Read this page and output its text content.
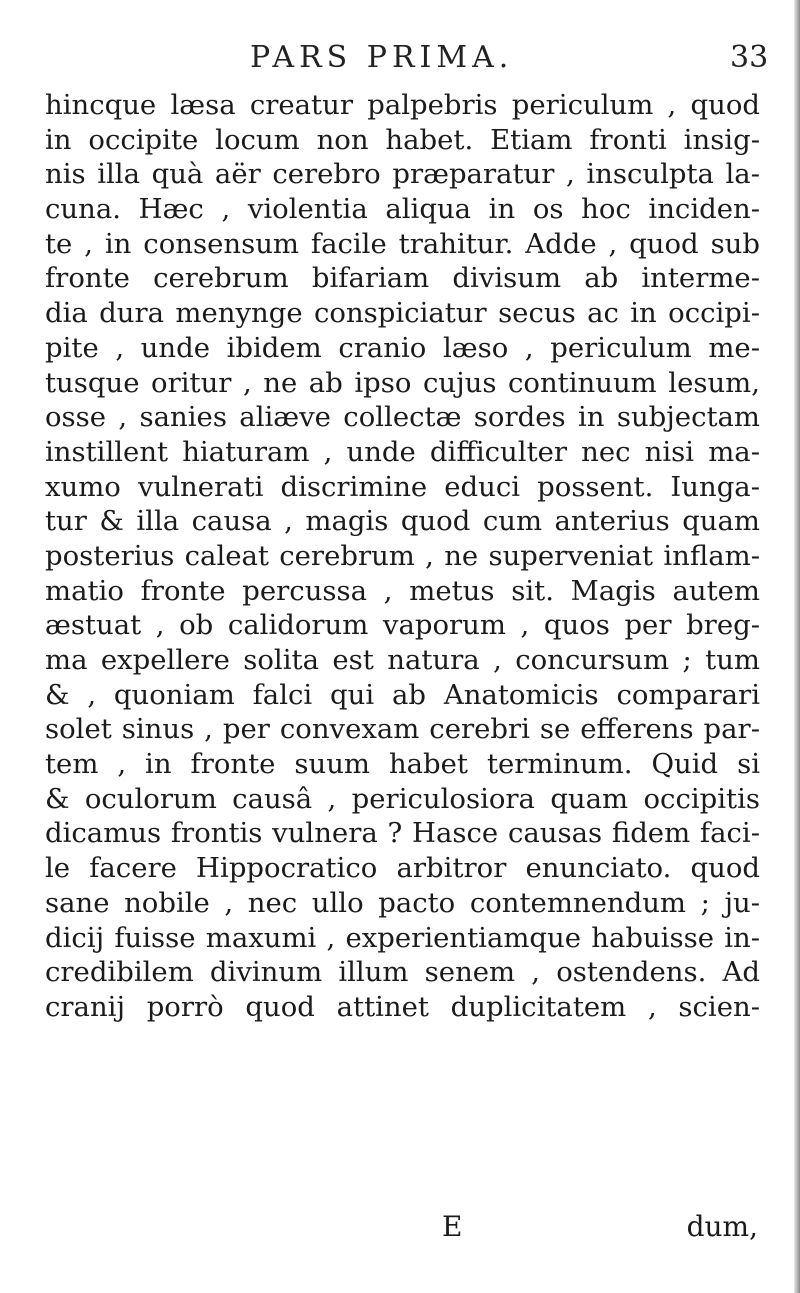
PARS PRIMA.	33
hincque læsa creatur palpebris periculum , quod
in occipite locum non habet. Etiam fronti insig-
nis illa quà aër cerebro præparatur , insculpta la-
cuna. Hæc , violentia aliqua in os hoc inciden-
te , in consensum facile trahitur. Adde , quod sub
fronte cerebrum bifariam divisum ab interme-
dia dura menynge conspiciatur secus ac in occipi-
pite , unde ibidem cranio læso , periculum me-
tusque oritur , ne ab ipso cujus continuum lesum,
osse , sanies aliæve collectæ sordes in subjectam
instillent hiaturam , unde difficulter nec nisi ma-
xumo vulnerati discrimine educi possent. Iunga-
tur & illa causa , magis quod cum anterius quam
posterius caleat cerebrum , ne superveniat inflam-
matio fronte percussa , metus sit. Magis autem
æstuat , ob calidorum vaporum , quos per breg-
ma expellere solita est natura , concursum ; tum
& , quoniam falci qui ab Anatomicis comparari
solet sinus , per convexam cerebri se efferens par-
tem , in fronte suum habet terminum. Quid si
& oculorum causâ , periculosiora quam occipitis
dicamus frontis vulnera ? Hasce causas fidem faci-
le facere Hippocratico arbitror enunciato. quod
sane nobile , nec ullo pacto contemnendum ; ju-
dicij fuisse maxumi , experientiamque habuisse in-
credibilem divinum illum senem , ostendens. Ad
cranij porrò quod attinet duplicitatem , scien-
E	dum,
